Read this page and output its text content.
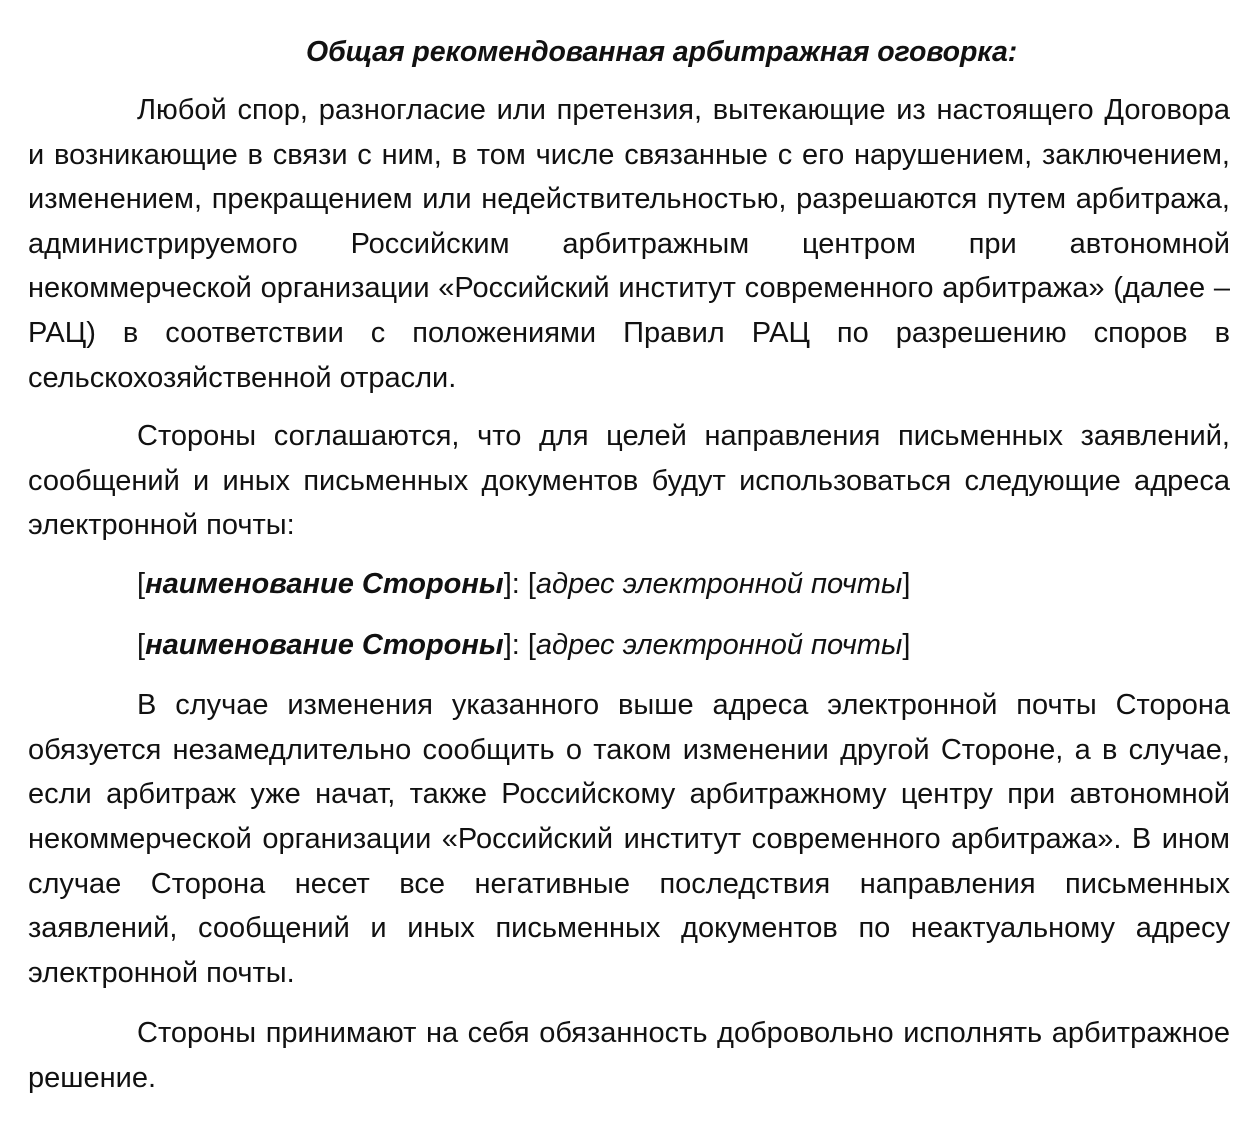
Общая рекомендованная арбитражная оговорка:

Любой спор, разногласие или претензия, вытекающие из настоящего Договора и возникающие в связи с ним, в том числе связанные с его нарушением, заключением, изменением, прекращением или недействительностью, разрешаются путем арбитража, администрируемого Российским арбитражным центром при автономной некоммерческой организации «Российский институт современного арбитража» (далее – РАЦ) в соответствии с положениями Правил РАЦ по разрешению споров в сельскохозяйственной отрасли.

Стороны соглашаются, что для целей направления письменных заявлений, сообщений и иных письменных документов будут использоваться следующие адреса электронной почты:

[наименование Стороны]: [адрес электронной почты]

[наименование Стороны]: [адрес электронной почты]

В случае изменения указанного выше адреса электронной почты Сторона обязуется незамедлительно сообщить о таком изменении другой Стороне, а в случае, если арбитраж уже начат, также Российскому арбитражному центру при автономной некоммерческой организации «Российский институт современного арбитража». В ином случае Сторона несет все негативные последствия направления письменных заявлений, сообщений и иных письменных документов по неактуальному адресу электронной почты.

Стороны принимают на себя обязанность добровольно исполнять арбитражное решение.
